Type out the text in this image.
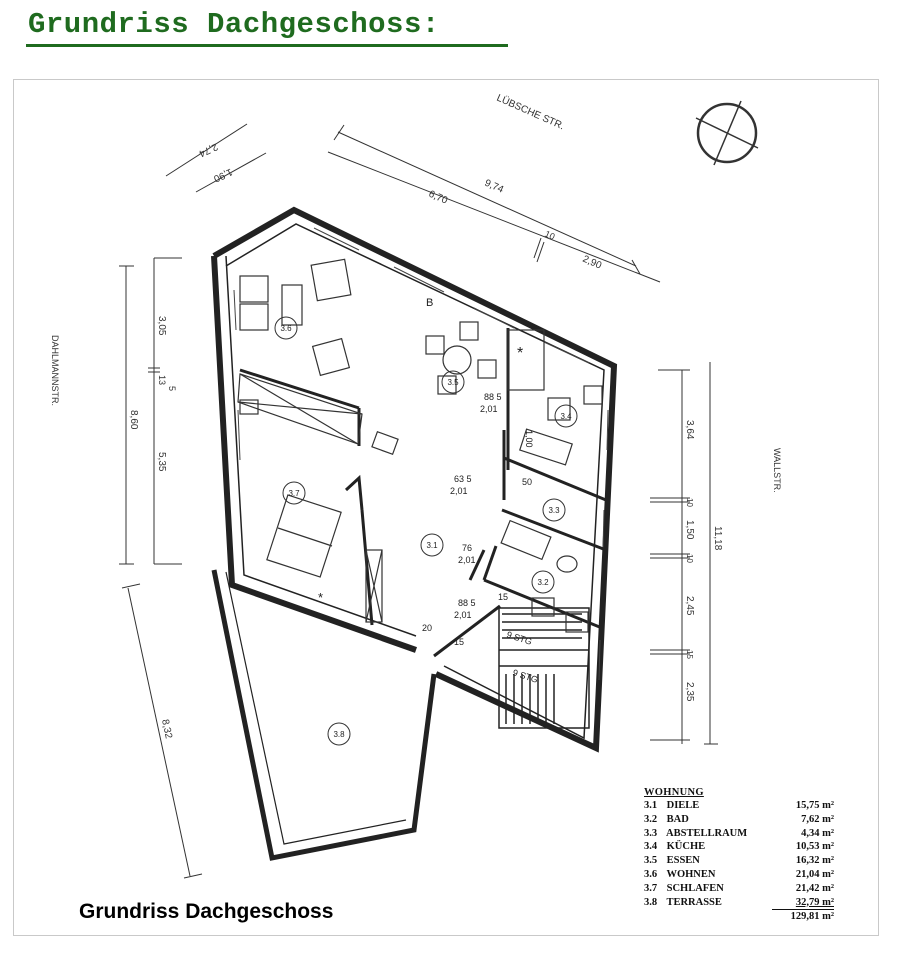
Grundriss Dachgeschoss:
LÜBSCHE STR.
DAHLMANNSTR.
WALLSTR.
2,74
1,90
6,70
9,74
10
2,90
3,05
13
5
8,60
5,35
3,64
10
1,50
10
2,45
15
2,35
11,18
8,32
9 STG
9 STG
*
*
B
3.1
3.2
3.3
3.4
3.5
3.6
3.7
3.8
88 5
2,01
63 5
2,01
1,00
76
2,01
88 5
2,01
50
15
20
15
Grundriss Dachgeschoss
WOHNUNG
3.1 DIELE	15,75 m²
3.2 BAD	7,62 m²
3.3 ABSTELLRAUM	4,34 m²
3.4 KÜCHE	10,53 m²
3.5 ESSEN	16,32 m²
3.6 WOHNEN	21,04 m²
3.7 SCHLAFEN	21,42 m²
3.8 TERRASSE	32,79 m²
129,81 m²
